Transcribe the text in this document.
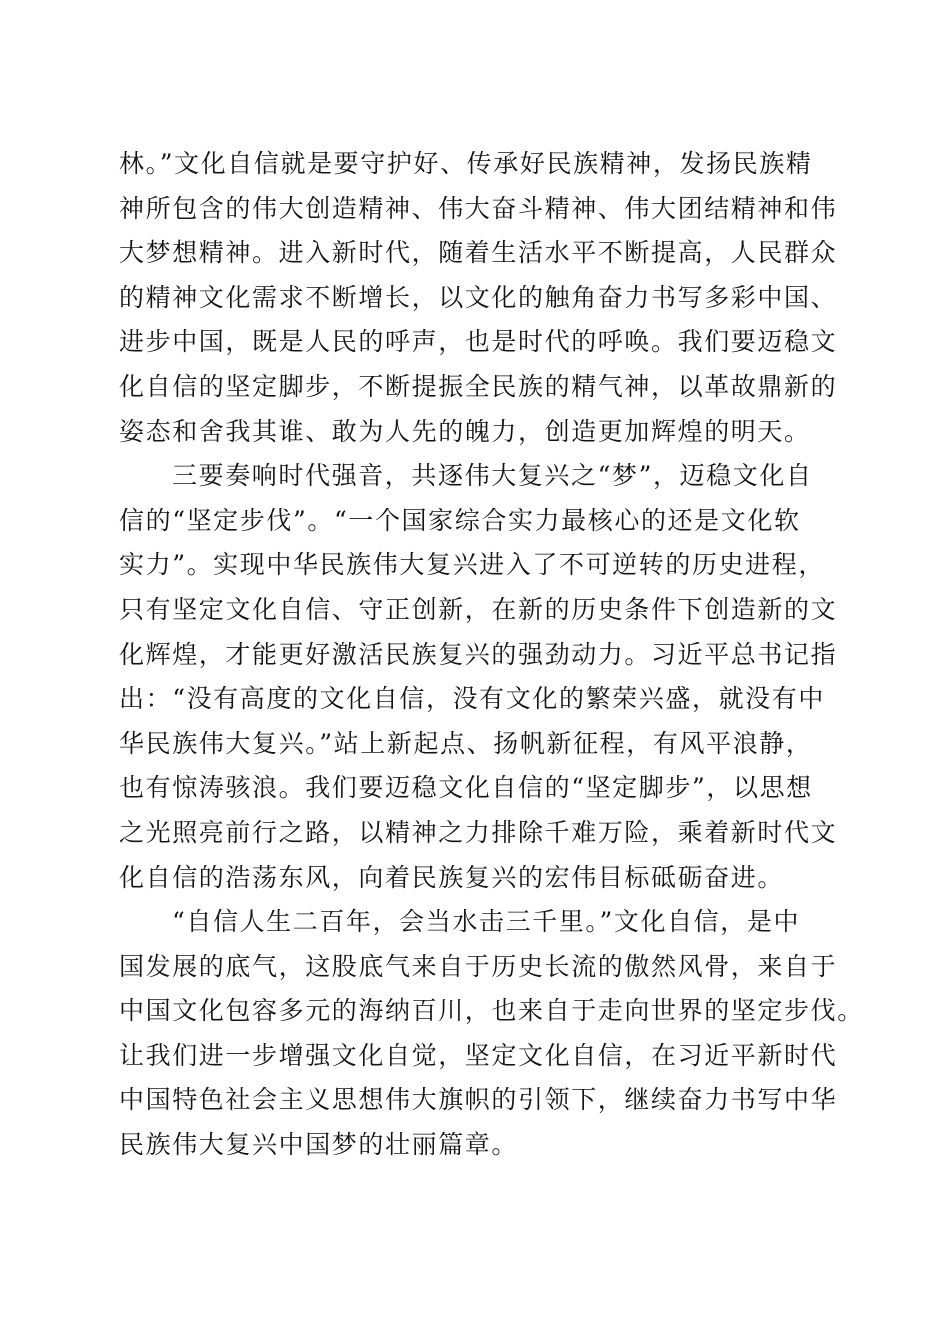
林。”文化自信就是要守护好、传承好民族精神，发扬民族精
神所包含的伟大创造精神、伟大奋斗精神、伟大团结精神和伟
大梦想精神。进入新时代，随着生活水平不断提高，人民群众
的精神文化需求不断增长，以文化的触角奋力书写多彩中国、
进步中国，既是人民的呼声，也是时代的呼唤。我们要迈稳文
化自信的坚定脚步，不断提振全民族的精气神，以革故鼎新的
姿态和舍我其谁、敢为人先的魄力，创造更加辉煌的明天。
三要奏响时代强音，共逐伟大复兴之“梦”，迈稳文化自
信的“坚定步伐”。“一个国家综合实力最核心的还是文化软
实力”。实现中华民族伟大复兴进入了不可逆转的历史进程，
只有坚定文化自信、守正创新，在新的历史条件下创造新的文
化辉煌，才能更好激活民族复兴的强劲动力。习近平总书记指
出：“没有高度的文化自信，没有文化的繁荣兴盛，就没有中
华民族伟大复兴。”站上新起点、扬帆新征程，有风平浪静，
也有惊涛骇浪。我们要迈稳文化自信的“坚定脚步”，以思想
之光照亮前行之路，以精神之力排除千难万险，乘着新时代文
化自信的浩荡东风，向着民族复兴的宏伟目标砥砺奋进。
“自信人生二百年，会当水击三千里。”文化自信，是中
国发展的底气，这股底气来自于历史长流的傲然风骨，来自于
中国文化包容多元的海纳百川，也来自于走向世界的坚定步伐。
让我们进一步增强文化自觉，坚定文化自信，在习近平新时代
中国特色社会主义思想伟大旗帜的引领下，继续奋力书写中华
民族伟大复兴中国梦的壮丽篇章。
